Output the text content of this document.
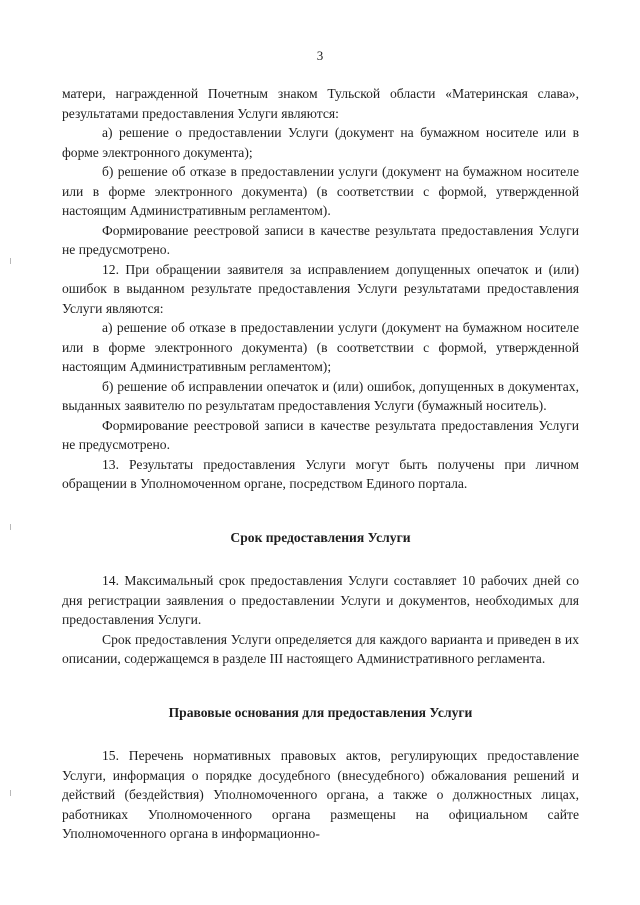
3

матери, награжденной Почетным знаком Тульской области «Материнская слава», результатами предоставления Услуги являются:

а) решение о предоставлении Услуги (документ на бумажном носителе или в форме электронного документа);

б) решение об отказе в предоставлении услуги (документ на бумажном носителе или в форме электронного документа) (в соответствии с формой, утвержденной настоящим Административным регламентом).

Формирование реестровой записи в качестве результата предоставления Услуги не предусмотрено.

12. При обращении заявителя за исправлением допущенных опечаток и (или) ошибок в выданном результате предоставления Услуги результатами предоставления Услуги являются:

а) решение об отказе в предоставлении услуги (документ на бумажном носителе или в форме электронного документа) (в соответствии с формой, утвержденной настоящим Административным регламентом);

б) решение об исправлении опечаток и (или) ошибок, допущенных в документах, выданных заявителю по результатам предоставления Услуги (бумажный носитель).

Формирование реестровой записи в качестве результата предоставления Услуги не предусмотрено.

13. Результаты предоставления Услуги могут быть получены при личном обращении в Уполномоченном органе, посредством Единого портала.

Срок предоставления Услуги

14. Максимальный срок предоставления Услуги составляет 10 рабочих дней со дня регистрации заявления о предоставлении Услуги и документов, необходимых для предоставления Услуги.

Срок предоставления Услуги определяется для каждого варианта и приведен в их описании, содержащемся в разделе III настоящего Административного регламента.

Правовые основания для предоставления Услуги

15. Перечень нормативных правовых актов, регулирующих предоставление Услуги, информация о порядке досудебного (внесудебного) обжалования решений и действий (бездействия) Уполномоченного органа, а также о должностных лицах, работниках Уполномоченного органа размещены на официальном сайте Уполномоченного органа в информационно-
